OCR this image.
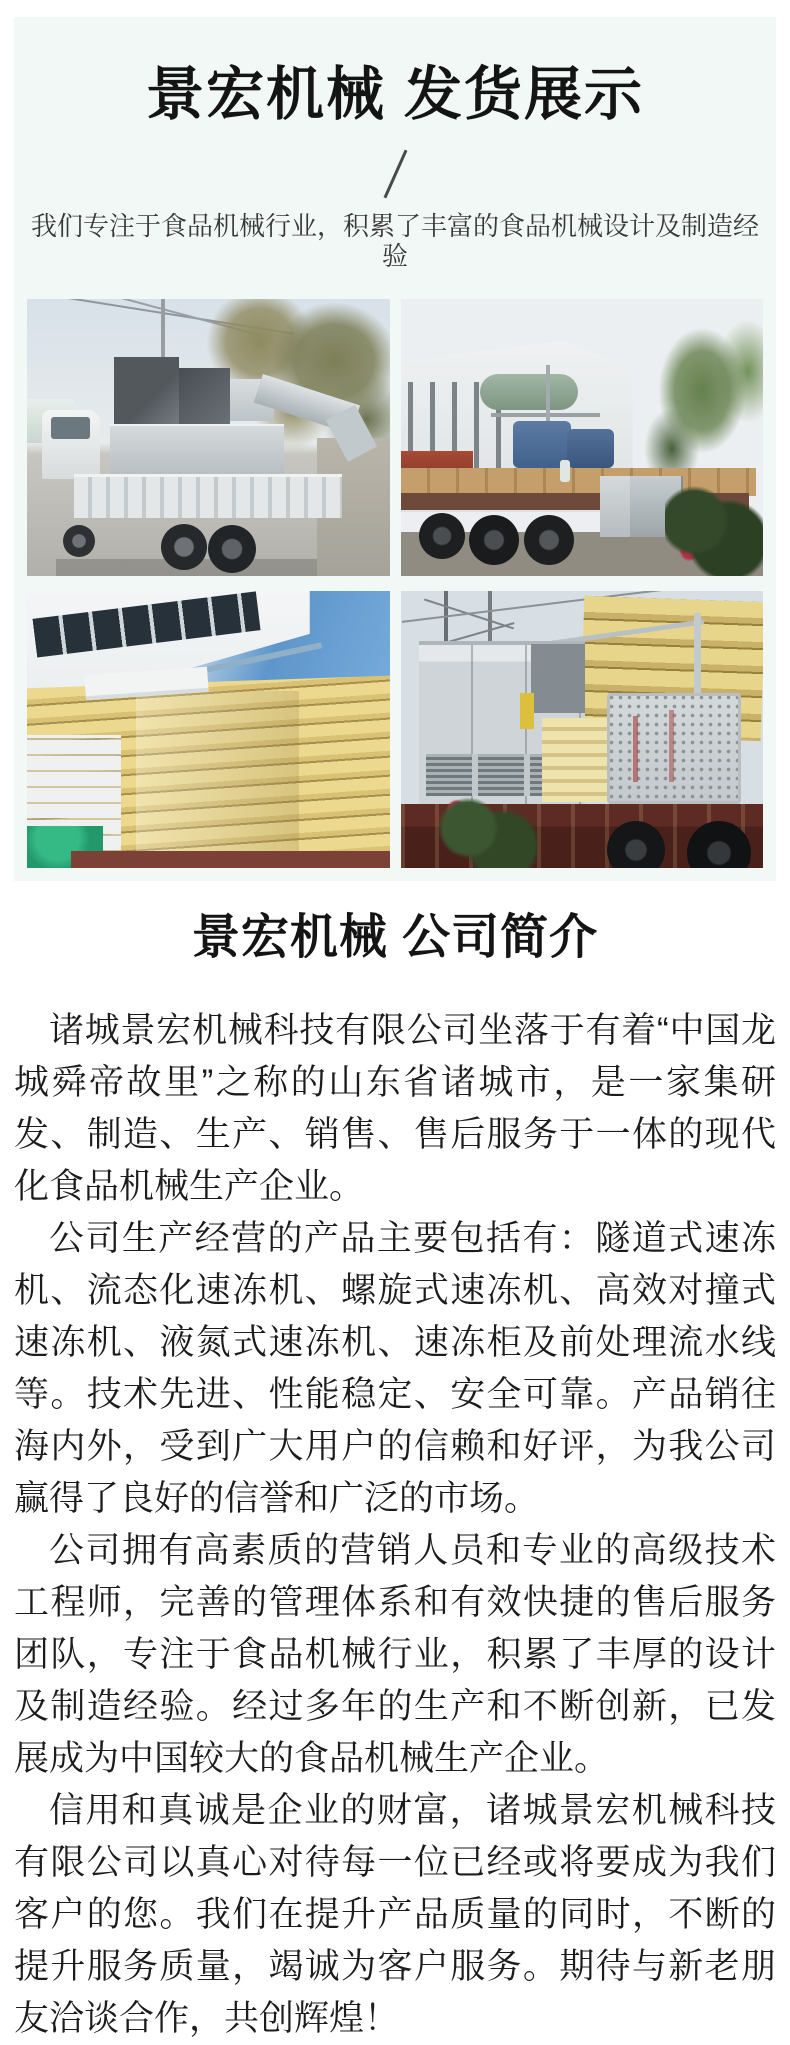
景宏机械 发货展示

我们专注于食品机械行业，积累了丰富的食品机械设计及制造经验

景宏机械 公司简介

诸城景宏机械科技有限公司坐落于有着“中国龙城舜帝故里”之称的山东省诸城市，是一家集研发、制造、生产、销售、售后服务于一体的现代化食品机械生产企业。

公司生产经营的产品主要包括有：隧道式速冻机、流态化速冻机、螺旋式速冻机、高效对撞式速冻机、液氮式速冻机、速冻柜及前处理流水线等。技术先进、性能稳定、安全可靠。产品销往海内外，受到广大用户的信赖和好评，为我公司赢得了良好的信誉和广泛的市场。

公司拥有高素质的营销人员和专业的高级技术工程师，完善的管理体系和有效快捷的售后服务团队，专注于食品机械行业，积累了丰厚的设计及制造经验。经过多年的生产和不断创新，已发展成为中国较大的食品机械生产企业。

信用和真诚是企业的财富，诸城景宏机械科技有限公司以真心对待每一位已经或将要成为我们客户的您。我们在提升产品质量的同时，不断的提升服务质量，竭诚为客户服务。期待与新老朋友洽谈合作，共创辉煌！
